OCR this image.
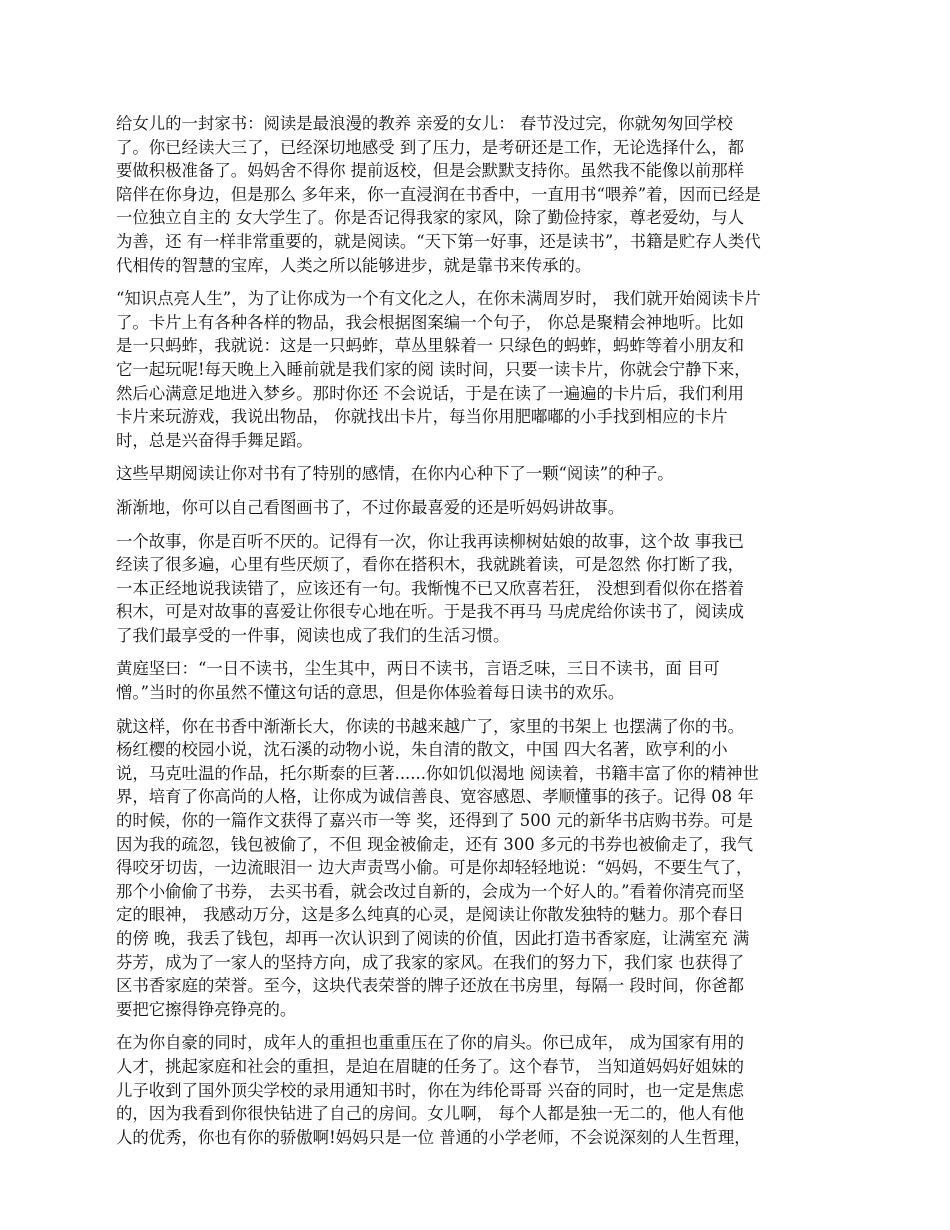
给女儿的一封家书：阅读是最浪漫的教养 亲爱的女儿： 春节没过完，你就匆匆回学校
了。你已经读大三了，已经深切地感受 到了压力，是考研还是工作，无论选择什么，都
要做积极准备了。妈妈舍不得你 提前返校，但是会默默支持你。虽然我不能像以前那样
陪伴在你身边，但是那么 多年来，你一直浸润在书香中，一直用书“喂养”着，因而已经是
一位独立自主的 女大学生了。你是否记得我家的家风，除了勤俭持家，尊老爱幼，与人
为善，还 有一样非常重要的，就是阅读。“天下第一好事，还是读书”，书籍是贮存人类代
代相传的智慧的宝库，人类之所以能够进步，就是靠书来传承的。

“知识点亮人生”，为了让你成为一个有文化之人，在你未满周岁时， 我们就开始阅读卡片
了。卡片上有各种各样的物品，我会根据图案编一个句子， 你总是聚精会神地听。比如
是一只蚂蚱，我就说：这是一只蚂蚱，草丛里躲着一 只绿色的蚂蚱，蚂蚱等着小朋友和
它一起玩呢!每天晚上入睡前就是我们家的阅 读时间，只要一读卡片，你就会宁静下来，
然后心满意足地进入梦乡。那时你还 不会说话，于是在读了一遍遍的卡片后，我们利用
卡片来玩游戏，我说出物品， 你就找出卡片，每当你用肥嘟嘟的小手找到相应的卡片
时，总是兴奋得手舞足蹈。

这些早期阅读让你对书有了特别的感情，在你内心种下了一颗“阅读”的种子。

渐渐地，你可以自己看图画书了，不过你最喜爱的还是听妈妈讲故事。

一个故事，你是百听不厌的。记得有一次，你让我再读柳树姑娘的故事，这个故 事我已
经读了很多遍，心里有些厌烦了，看你在搭积木，我就跳着读，可是忽然 你打断了我，
一本正经地说我读错了，应该还有一句。我惭愧不已又欣喜若狂， 没想到看似你在搭着
积木，可是对故事的喜爱让你很专心地在听。于是我不再马 马虎虎给你读书了，阅读成
了我们最享受的一件事，阅读也成了我们的生活习惯。

黄庭坚曰：“一日不读书，尘生其中，两日不读书，言语乏味，三日不读书，面 目可
憎。”当时的你虽然不懂这句话的意思，但是你体验着每日读书的欢乐。

就这样，你在书香中渐渐长大，你读的书越来越广了，家里的书架上 也摆满了你的书。
杨红樱的校园小说，沈石溪的动物小说，朱自清的散文，中国 四大名著，欧亨利的小
说，马克吐温的作品，托尔斯泰的巨著......你如饥似渴地 阅读着，书籍丰富了你的精神世
界，培育了你高尚的人格，让你成为诚信善良、宽容感恩、孝顺懂事的孩子。记得 08 年
的时候，你的一篇作文获得了嘉兴市一等 奖，还得到了 500 元的新华书店购书券。可是
因为我的疏忽，钱包被偷了，不但 现金被偷走，还有 300 多元的书券也被偷走了，我气
得咬牙切齿，一边流眼泪一 边大声责骂小偷。可是你却轻轻地说：“妈妈，不要生气了，
那个小偷偷了书券， 去买书看，就会改过自新的，会成为一个好人的。”看着你清亮而坚
定的眼神， 我感动万分，这是多么纯真的心灵，是阅读让你散发独特的魅力。那个春日
的傍 晚，我丢了钱包，却再一次认识到了阅读的价值，因此打造书香家庭，让满室充 满
芬芳，成为了一家人的坚持方向，成了我家的家风。在我们的努力下，我们家 也获得了
区书香家庭的荣誉。至今，这块代表荣誉的牌子还放在书房里，每隔一 段时间，你爸都
要把它擦得铮亮铮亮的。

在为你自豪的同时，成年人的重担也重重压在了你的肩头。你已成年， 成为国家有用的
人才，挑起家庭和社会的重担，是迫在眉睫的任务了。这个春节， 当知道妈妈好姐妹的
儿子收到了国外顶尖学校的录用通知书时，你在为纬伦哥哥 兴奋的同时，也一定是焦虑
的，因为我看到你很快钻进了自己的房间。女儿啊， 每个人都是独一无二的，他人有他
人的优秀，你也有你的骄傲啊!妈妈只是一位 普通的小学老师，不会说深刻的人生哲理，
